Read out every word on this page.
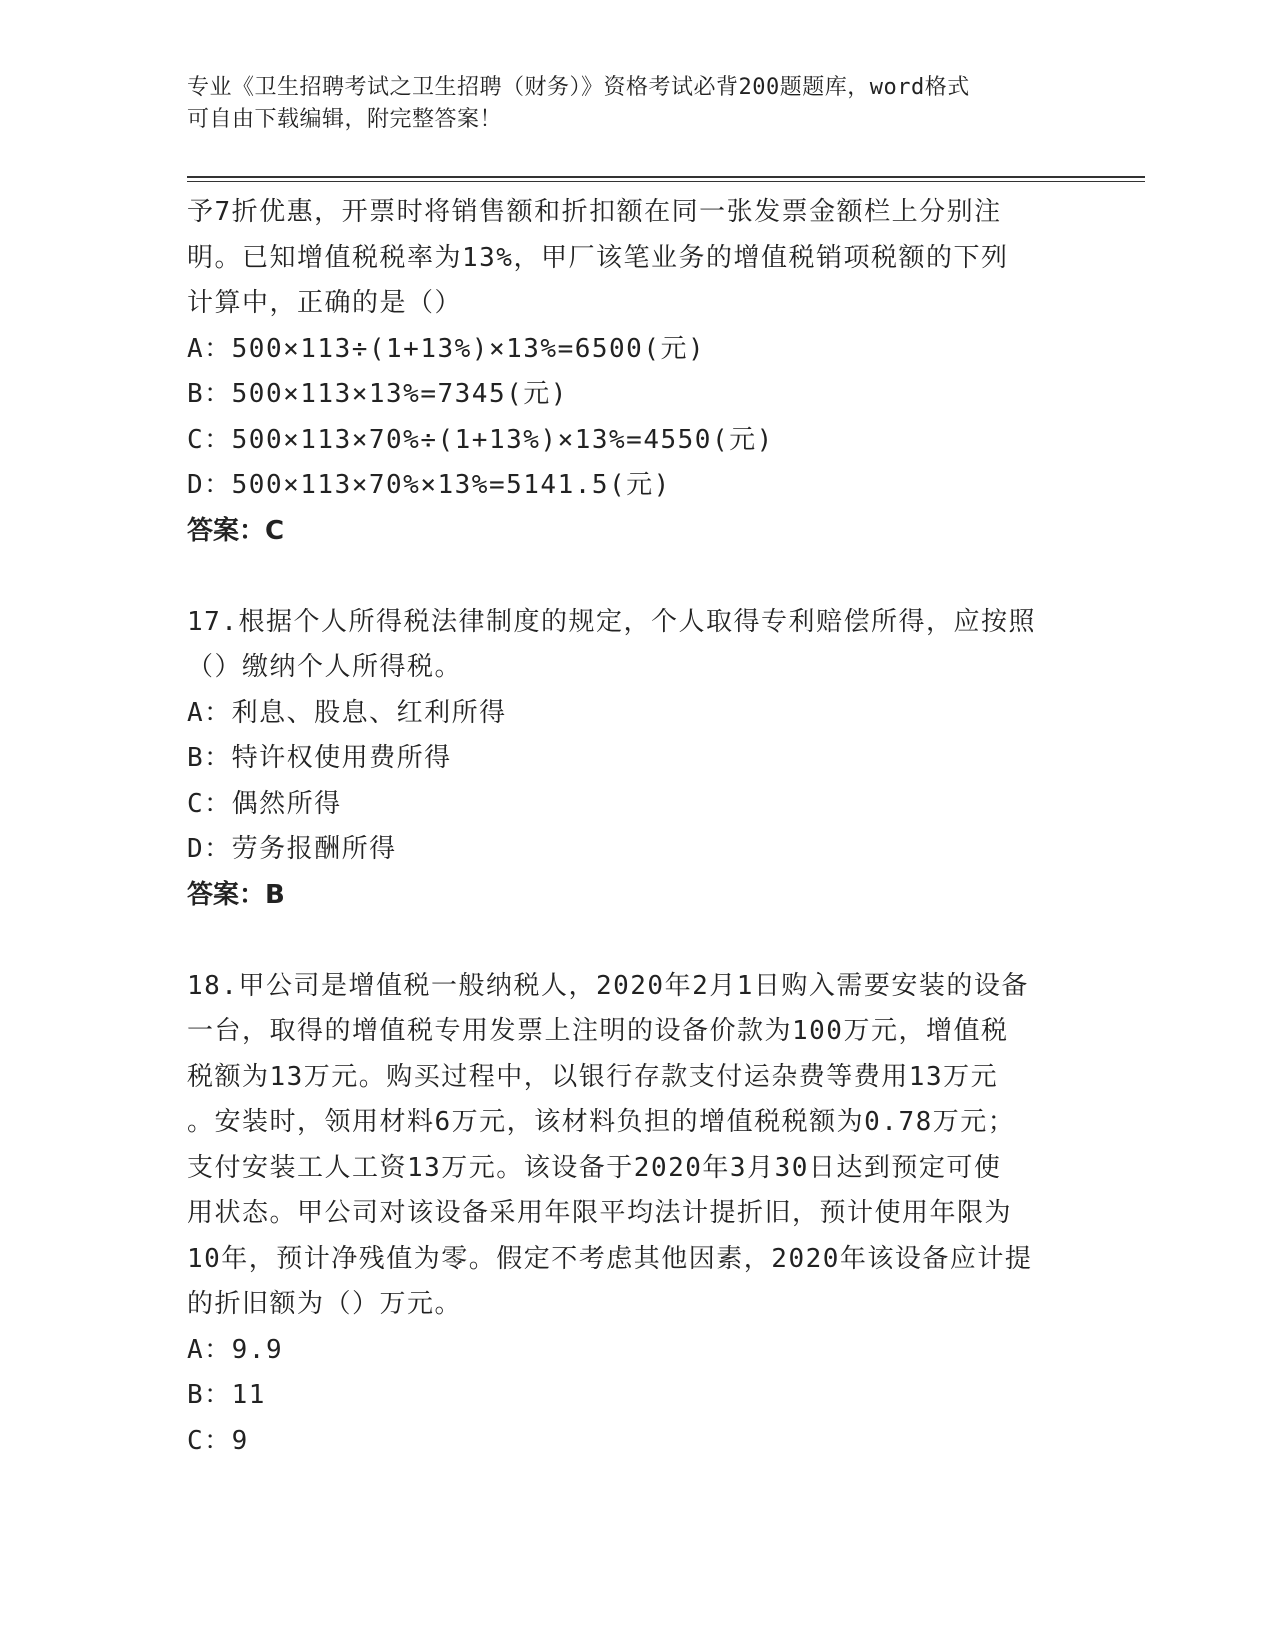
专业《卫生招聘考试之卫生招聘（财务）》资格考试必背200题题库，word格式
可自由下载编辑，附完整答案！
予7折优惠，开票时将销售额和折扣额在同一张发票金额栏上分别注
明。已知增值税税率为13%，甲厂该笔业务的增值税销项税额的下列
计算中，正确的是（）
A：500×113÷(1+13%)×13%=6500(元)
B：500×113×13%=7345(元)
C：500×113×70%÷(1+13%)×13%=4550(元)
D：500×113×70%×13%=5141.5(元)
答案：C
17.根据个人所得税法律制度的规定，个人取得专利赔偿所得，应按照
（）缴纳个人所得税。
A：利息、股息、红利所得
B：特许权使用费所得
C：偶然所得
D：劳务报酬所得
答案：B
18.甲公司是增值税一般纳税人，2020年2月1日购入需要安装的设备
一台，取得的增值税专用发票上注明的设备价款为100万元，增值税
税额为13万元。购买过程中，以银行存款支付运杂费等费用13万元
。安装时，领用材料6万元，该材料负担的增值税税额为0.78万元；
支付安装工人工资13万元。该设备于2020年3月30日达到预定可使
用状态。甲公司对该设备采用年限平均法计提折旧，预计使用年限为
10年，预计净残值为零。假定不考虑其他因素，2020年该设备应计提
的折旧额为（）万元。
A：9.9
B：11
C：9
